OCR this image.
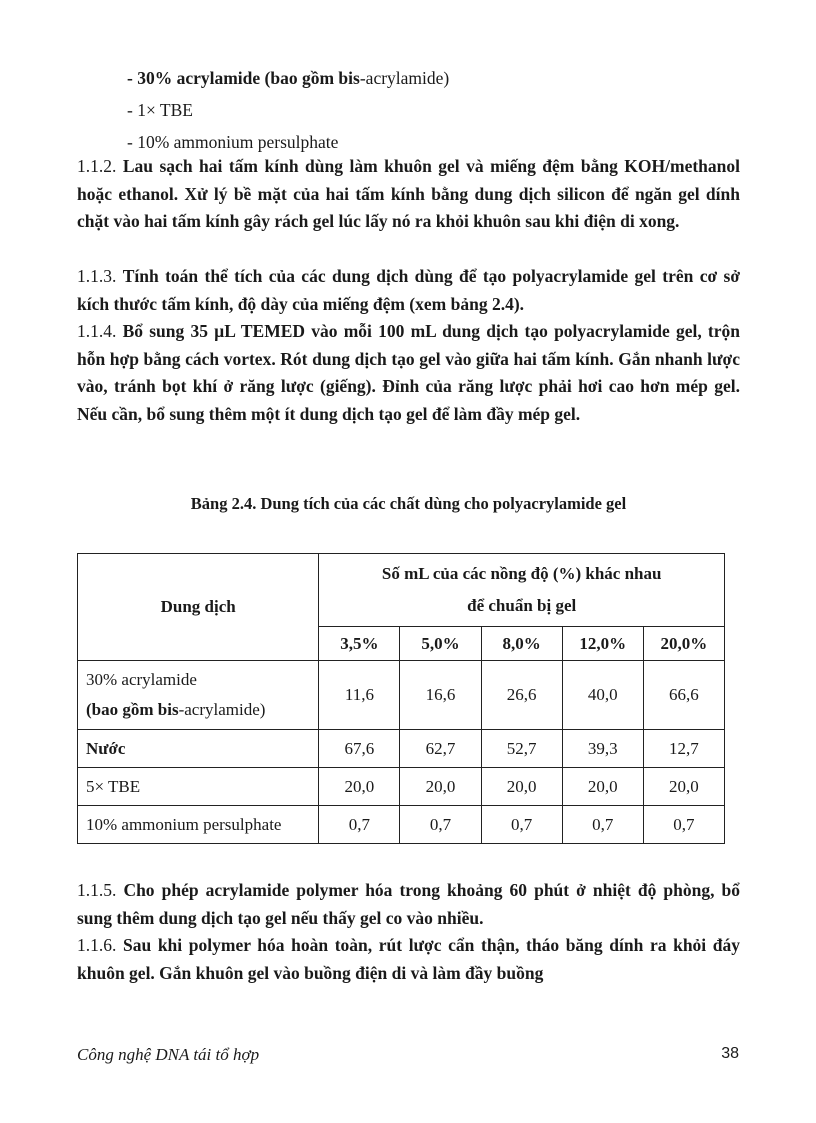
- 30% acrylamide (bao gồm bis-acrylamide)
- 1× TBE
- 10% ammonium persulphate
1.1.2. Lau sạch hai tấm kính dùng làm khuôn gel và miếng đệm bằng KOH/methanol hoặc ethanol. Xử lý bề mặt của hai tấm kính bằng dung dịch silicon để ngăn gel dính chặt vào hai tấm kính gây rách gel lúc lấy nó ra khỏi khuôn sau khi điện di xong.
1.1.3. Tính toán thể tích của các dung dịch dùng để tạo polyacrylamide gel trên cơ sở kích thước tấm kính, độ dày của miếng đệm (xem bảng 2.4).
1.1.4. Bổ sung 35 µL TEMED vào mỗi 100 mL dung dịch tạo polyacrylamide gel, trộn hỗn hợp bằng cách vortex. Rót dung dịch tạo gel vào giữa hai tấm kính. Gắn nhanh lược vào, tránh bọt khí ở răng lược (giếng). Đỉnh của răng lược phải hơi cao hơn mép gel. Nếu cần, bổ sung thêm một ít dung dịch tạo gel để làm đầy mép gel.
Bảng 2.4. Dung tích của các chất dùng cho polyacrylamide gel
Dung dịch	Số mL của các nồng độ (%) khác nhau
để chuẩn bị gel				

	3,5%	5,0%	8,0%	12,0%	20,0%

30% acrylamide
(bao gồm bis-acrylamide)	11,6	16,6	26,6	40,0	66,6
Nước	67,6	62,7	52,7	39,3	12,7
5× TBE	20,0	20,0	20,0	20,0	20,0
10% ammonium persulphate	0,7	0,7	0,7	0,7	0,7
1.1.5. Cho phép acrylamide polymer hóa trong khoảng 60 phút ở nhiệt độ phòng, bổ sung thêm dung dịch tạo gel nếu thấy gel co vào nhiều.
1.1.6. Sau khi polymer hóa hoàn toàn, rút lược cẩn thận, tháo băng dính ra khỏi đáy khuôn gel. Gắn khuôn gel vào buồng điện di và làm đầy buồng
Công nghệ DNA tái tổ hợp	38
